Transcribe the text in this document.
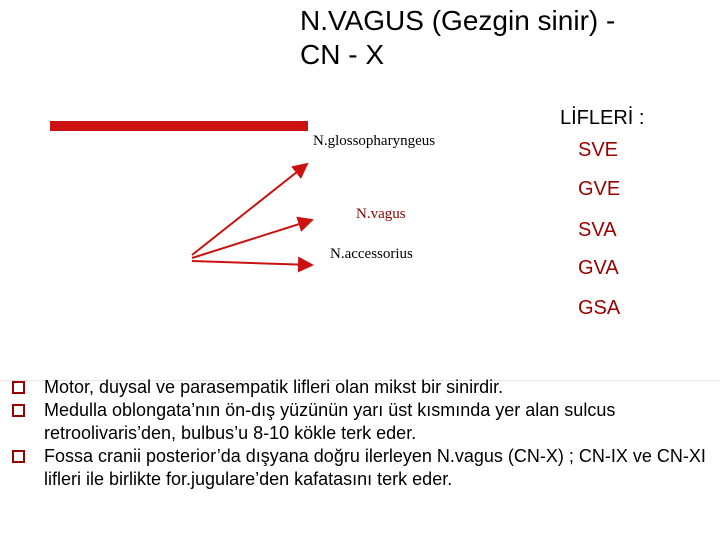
N.VAGUS (Gezgin sinir) -
CN - X
N.glossopharyngeus
N.vagus
N.accessorius
LİFLERİ :
SVE
GVE
SVA
GVA
GSA
Motor, duysal ve parasempatik lifleri olan mikst bir sinirdir.
Medulla oblongata’nın ön-dış yüzünün yarı üst kısmında yer alan sulcus retroolivaris’den, bulbus’u 8-10 kökle terk eder.
Fossa cranii posterior’da dışyana doğru ilerleyen N.vagus (CN-X) ; CN-IX ve CN-XI lifleri ile birlikte for.jugulare’den kafatasını terk eder.
